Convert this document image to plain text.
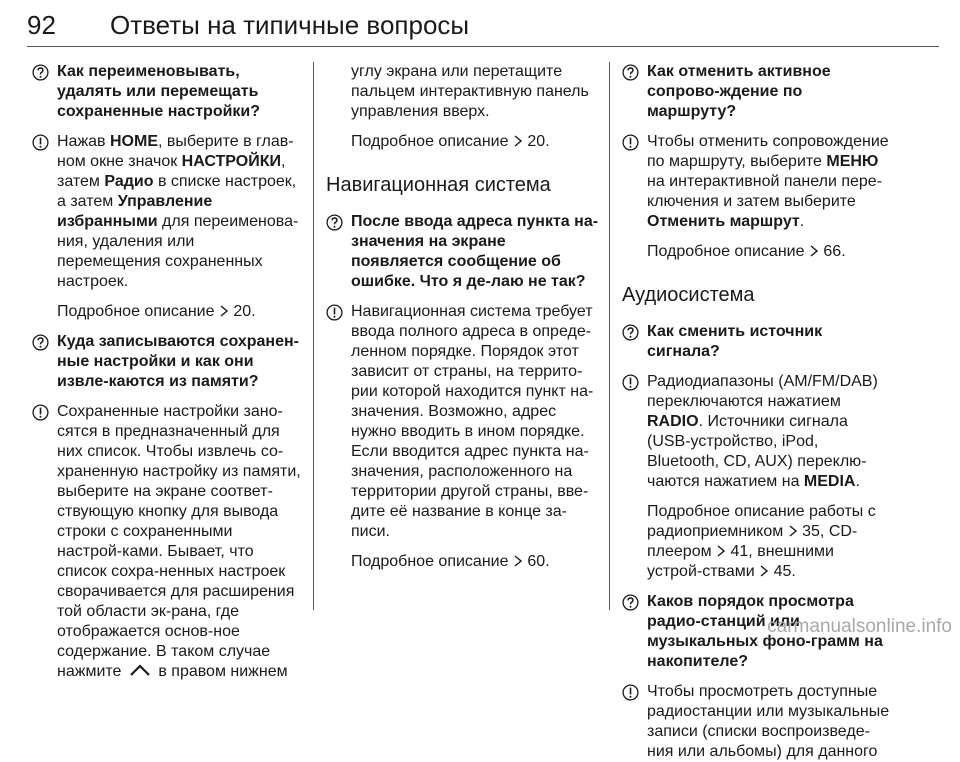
92 Ответы на типичные вопросы
Как переименовывать, удалять или перемещать сохраненные настройки?
Нажав HOME, выберите в глав-ном окне значок НАСТРОЙКИ, затем Радио в списке настроек, а затем Управление избранными для переименова-ния, удаления или перемещения сохраненных настроек.
Подробное описание 20.
Куда записываются сохранен-ные настройки и как они извле-каются из памяти?
Сохраненные настройки зано-сятся в предназначенный для них список. Чтобы извлечь со-храненную настройку из памяти, выберите на экране соответ-ствующую кнопку для вывода строки с сохраненными настрой-ками. Бывает, что список сохра-ненных настроек сворачивается для расширения той области эк-рана, где отображается основ-ное содержание. В таком случае нажмите в правом нижнем
углу экрана или перетащите пальцем интерактивную панель управления вверх.
Подробное описание 20.
Навигационная система
После ввода адреса пункта на-значения на экране появляется сообщение об ошибке. Что я де-лаю не так?
Навигационная система требует ввода полного адреса в опреде-ленном порядке. Порядок этот зависит от страны, на террито-рии которой находится пункт на-значения. Возможно, адрес нужно вводить в ином порядке. Если вводится адрес пункта на-значения, расположенного на территории другой страны, вве-дите её название в конце за-писи.
Подробное описание 60.
Как отменить активное сопрово-ждение по маршруту?
Чтобы отменить сопровождение по маршруту, выберите МЕНЮ на интерактивной панели пере-ключения и затем выберите Отменить маршрут.
Подробное описание 66.
Аудиосистема
Как сменить источник сигнала?
Радиодиапазоны (AM/FM/DAB) переключаются нажатием RADIO. Источники сигнала (USB-устройство, iPod, Bluetooth, CD, AUX) переклю-чаются нажатием на MEDIA.
Подробное описание работы с радиоприемником 35, CD-плеером 41, внешними устрой-ствами 45.
Каков порядок просмотра радио-станций или музыкальных фоно-грамм на накопителе?
Чтобы просмотреть доступные радиостанции или музыкальные записи (списки воспроизведе-ния или альбомы) для данного
carmanualsonline.info
